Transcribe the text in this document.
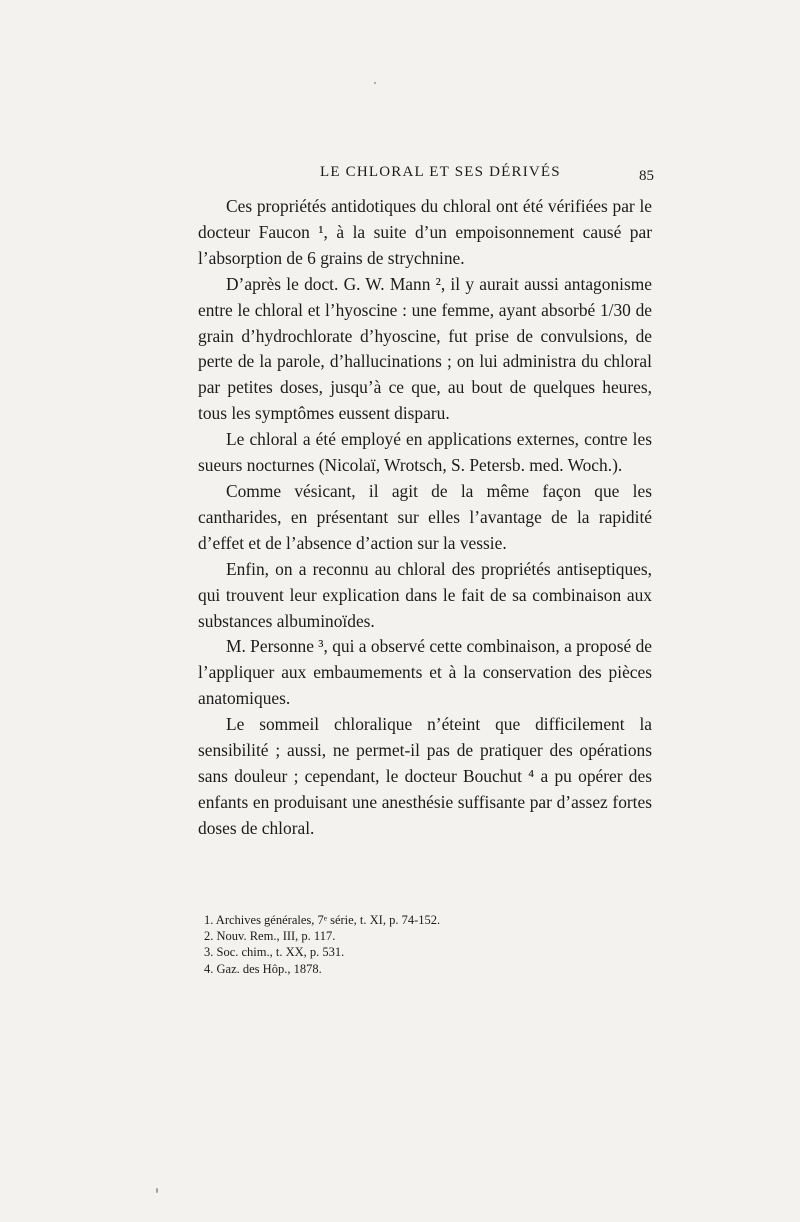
LE CHLORAL ET SES DÉRIVÉS	85

Ces propriétés antidotiques du chloral ont été vérifiées par le docteur Faucon ¹, à la suite d’un empoisonnement causé par l’absorption de 6 grains de strychnine.

D’après le doct. G. W. Mann ², il y aurait aussi antagonisme entre le chloral et l’hyoscine : une femme, ayant absorbé 1/30 de grain d’hydrochlorate d’hyoscine, fut prise de convulsions, de perte de la parole, d’hallucinations ; on lui administra du chloral par petites doses, jusqu’à ce que, au bout de quelques heures, tous les symptômes eussent disparu.

Le chloral a été employé en applications externes, contre les sueurs nocturnes (Nicolaï, Wrotsch, S. Petersb. med. Woch.).

Comme vésicant, il agit de la même façon que les cantharides, en présentant sur elles l’avantage de la rapidité d’effet et de l’absence d’action sur la vessie.

Enfin, on a reconnu au chloral des propriétés antiseptiques, qui trouvent leur explication dans le fait de sa combinaison aux substances albuminoïdes.

M. Personne ³, qui a observé cette combinaison, a proposé de l’appliquer aux embaumements et à la conservation des pièces anatomiques.

Le sommeil chloralique n’éteint que difficilement la sensibilité ; aussi, ne permet-il pas de pratiquer des opérations sans douleur ; cependant, le docteur Bouchut ⁴ a pu opérer des enfants en produisant une anesthésie suffisante par d’assez fortes doses de chloral.

1. Archives générales, 7ᵉ série, t. XI, p. 74-152.

2. Nouv. Rem., III, p. 117.

3. Soc. chim., t. XX, p. 531.

4. Gaz. des Hôp., 1878.
